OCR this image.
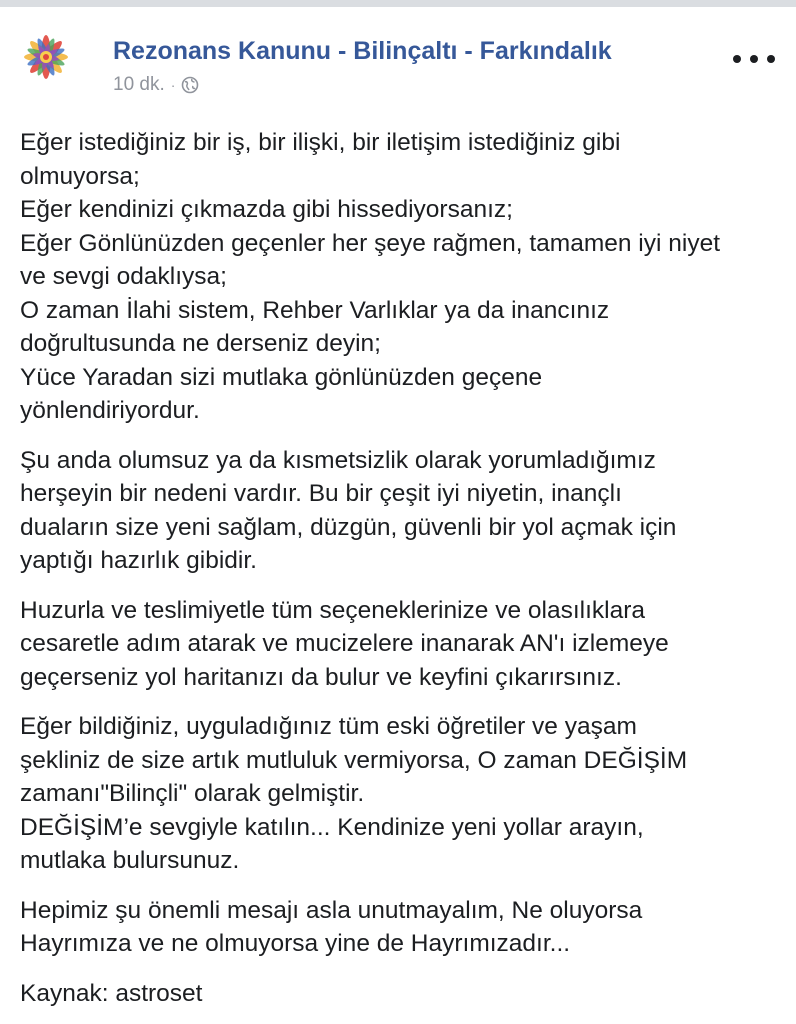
Rezonans Kanunu - Bilinçaltı - Farkındalık
10 dk. ·
Eğer istediğiniz bir iş, bir ilişki, bir iletişim istediğiniz gibi
olmuyorsa;
Eğer kendinizi çıkmazda gibi hissediyorsanız;
Eğer Gönlünüzden geçenler her şeye rağmen, tamamen iyi niyet
ve sevgi odaklıysa;
O zaman İlahi sistem, Rehber Varlıklar ya da inancınız
doğrultusunda ne derseniz deyin;
Yüce Yaradan sizi mutlaka gönlünüzden geçene
yönlendiriyordur.
Şu anda olumsuz ya da kısmetsizlik olarak yorumladığımız
herşeyin bir nedeni vardır. Bu bir çeşit iyi niyetin, inançlı
duaların size yeni sağlam, düzgün, güvenli bir yol açmak için
yaptığı hazırlık gibidir.
Huzurla ve teslimiyetle tüm seçeneklerinize ve olasılıklara
cesaretle adım atarak ve mucizelere inanarak AN'ı izlemeye
geçerseniz yol haritanızı da bulur ve keyfini çıkarırsınız.
Eğer bildiğiniz, uyguladığınız tüm eski öğretiler ve yaşam
şekliniz de size artık mutluluk vermiyorsa, O zaman DEĞİŞİM
zamanı"Bilinçli" olarak gelmiştir.
DEĞİŞİM’e sevgiyle katılın... Kendinize yeni yollar arayın,
mutlaka bulursunuz.
Hepimiz şu önemli mesajı asla unutmayalım, Ne oluyorsa
Hayrımıza ve ne olmuyorsa yine de Hayrımızadır...
Kaynak: astroset
